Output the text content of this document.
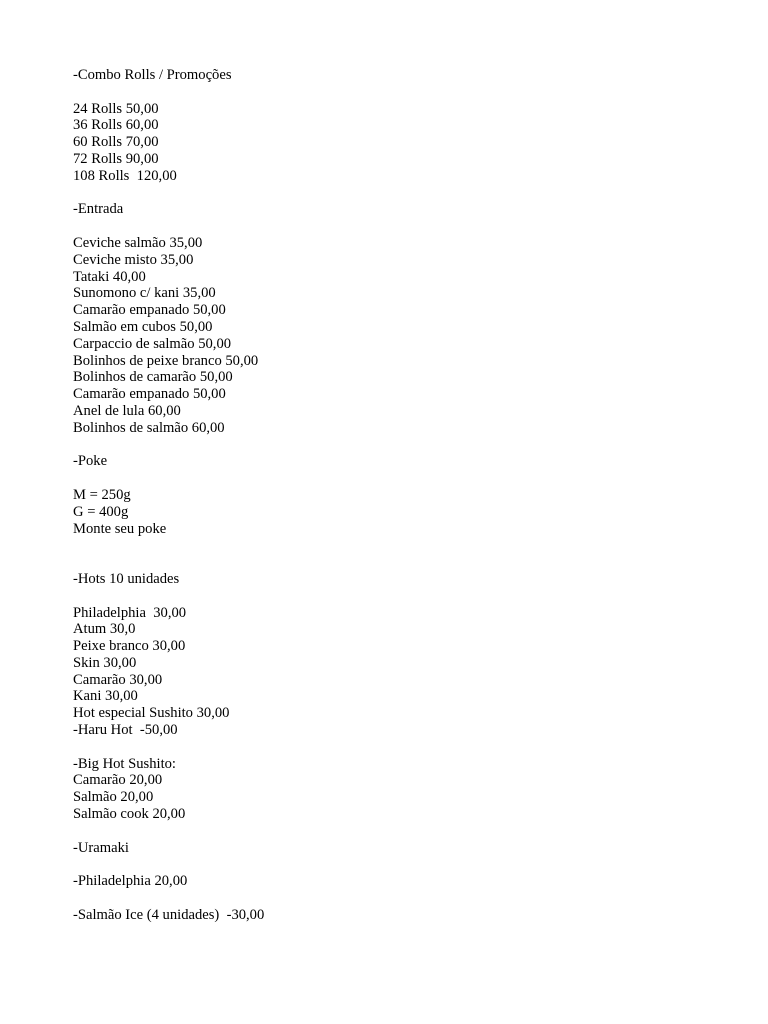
-Combo Rolls / Promoções
24 Rolls 50,00
36 Rolls 60,00
60 Rolls 70,00
72 Rolls 90,00
108 Rolls  120,00
-Entrada
Ceviche salmão 35,00
Ceviche misto 35,00
Tataki 40,00
Sunomono c/ kani 35,00
Camarão empanado 50,00
Salmão em cubos 50,00
Carpaccio de salmão 50,00
Bolinhos de peixe branco 50,00
Bolinhos de camarão 50,00
Camarão empanado 50,00
Anel de lula 60,00
Bolinhos de salmão 60,00
-Poke
M = 250g
G = 400g
Monte seu poke
-Hots 10 unidades
Philadelphia  30,00
Atum 30,0
Peixe branco 30,00
Skin 30,00
Camarão 30,00
Kani 30,00
Hot especial Sushito 30,00
-Haru Hot  -50,00
-Big Hot Sushito:
Camarão 20,00
Salmão 20,00
Salmão cook 20,00
-Uramaki
-Philadelphia 20,00
-Salmão Ice (4 unidades)  -30,00
